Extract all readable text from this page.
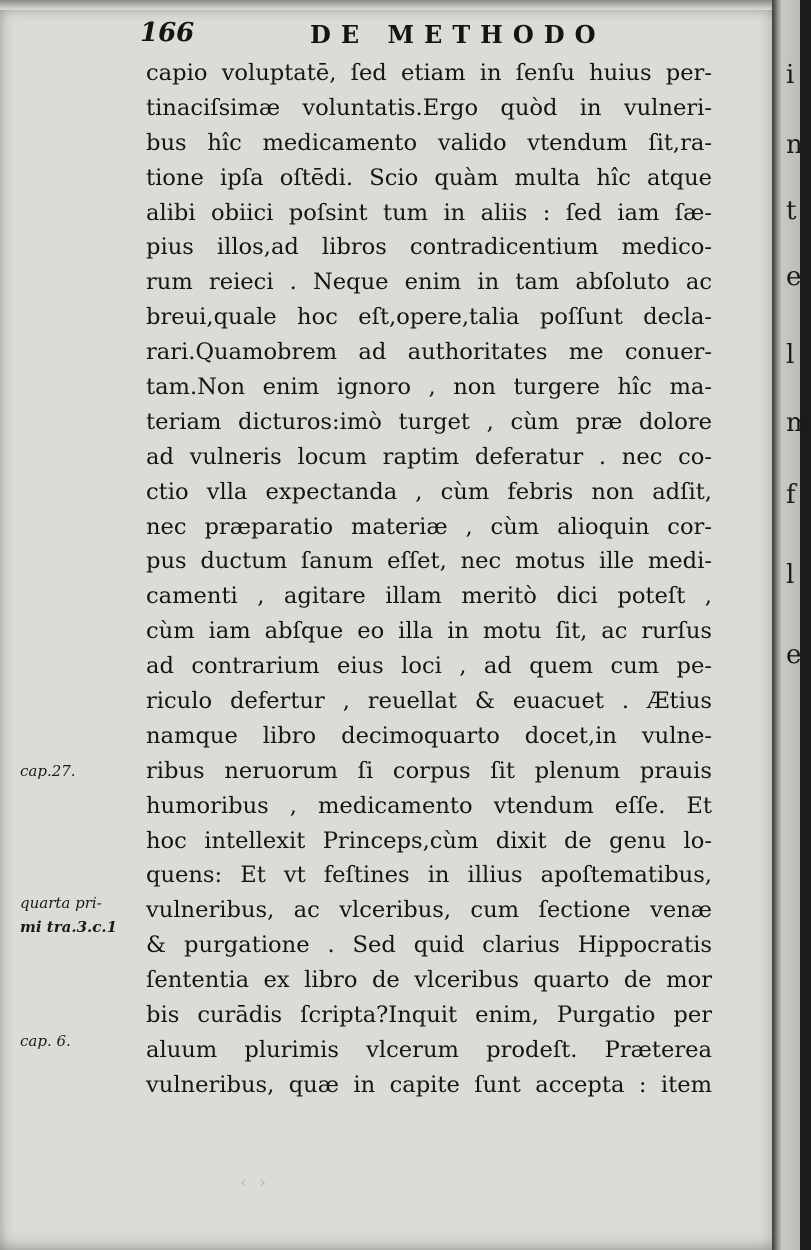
166	DE METHODO
capio voluptatē, ſed etiam in ſenſu huius per-
tinaciſsimæ voluntatis.Ergo quòd in vulneri-
bus hîc medicamento valido vtendum ſit,ra-
tione ipſa oſtēdi. Scio quàm multa hîc atque
alibi obiici poſsint tum in aliis : ſed iam ſæ-
pius illos,ad libros contradicentium medico-
rum reieci . Neque enim in tam abſoluto ac
breui,quale hoc eſt,opere,talia poſſunt decla-
rari.Quamobrem ad authoritates me conuer-
tam.Non enim ignoro , non turgere hîc ma-
teriam dicturos:imò turget , cùm præ dolore
ad vulneris locum raptim deferatur . nec co-
ctio vlla expectanda , cùm febris non adſit,
nec præparatio materiæ , cùm alioquin cor-
pus ductum ſanum eſſet, nec motus ille medi-
camenti , agitare illam meritò dici poteſt ,
cùm iam abſque eo illa in motu ſit, ac rurſus
ad contrarium eius loci , ad quem cum pe-
riculo defertur , reuellat & euacuet . Ætius
namque libro decimoquarto docet,in vulne-
ribus neruorum ſi corpus ſit plenum prauis
humoribus , medicamento vtendum eſſe. Et
hoc intellexit Princeps,cùm dixit de genu lo-
quens: Et vt feſtines in illius apoſtematibus,
vulneribus, ac vlceribus, cum ſectione venæ
& purgatione . Sed quid clarius Hippocratis
ſententia ex libro de vlceribus quarto de mor
bis curādis ſcripta?Inquit enim, Purgatio per
aluum plurimis vlcerum prodeſt. Præterea
vulneribus, quæ in capite ſunt accepta : item
cap.27.
quarta pri-
mi tra.3.c.1
cap. 6.
‹ ›
i
n
t
e
l
m
f
l
e
